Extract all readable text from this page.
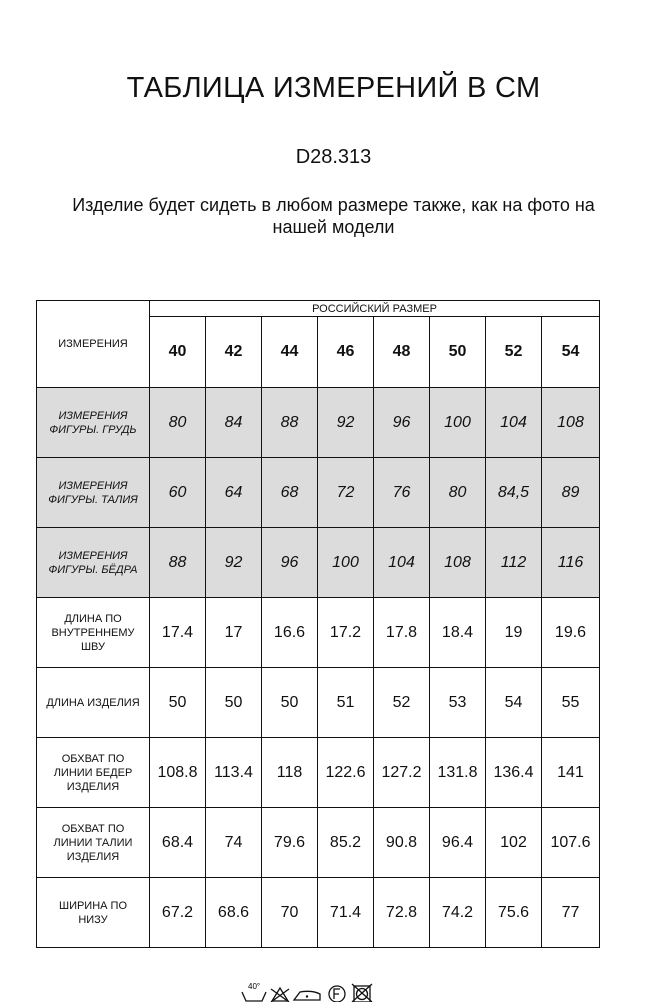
ТАБЛИЦА ИЗМЕРЕНИЙ В СМ
D28.313
Изделие будет сидеть в любом размере также, как на фото на
нашей модели
ИЗМЕРЕНИЯ	РОССИЙСКИЙ РАЗМЕР							
	40	42	44	46	48	50	52	54

ИЗМЕРЕНИЯ
ФИГУРЫ. ГРУДЬ	80	84	88	92	96	100	104	108

ИЗМЕРЕНИЯ
ФИГУРЫ. ТАЛИЯ	60	64	68	72	76	80	84,5	89

ИЗМЕРЕНИЯ
ФИГУРЫ. БЁДРА	88	92	96	100	104	108	112	116

ДЛИНА ПО
ВНУТРЕННЕМУ
ШВУ	17.4	17	16.6	17.2	17.8	18.4	19	19.6

ДЛИНА ИЗДЕЛИЯ	50	50	50	51	52	53	54	55

ОБХВАТ ПО
ЛИНИИ БЕДЕР
ИЗДЕЛИЯ	108.8	113.4	118	122.6	127.2	131.8	136.4	141

ОБХВАТ ПО
ЛИНИИ ТАЛИИ
ИЗДЕЛИЯ	68.4	74	79.6	85.2	90.8	96.4	102	107.6

ШИРИНА ПО
НИЗУ	67.2	68.6	70	71.4	72.8	74.2	75.6	77
40°
